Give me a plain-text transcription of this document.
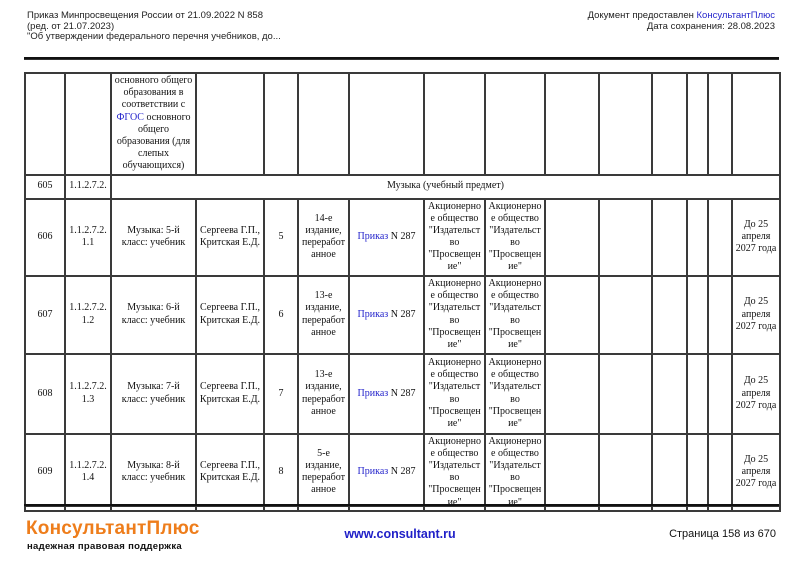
Приказ Минпросвещения России от 21.09.2022 N 858
(ред. от 21.07.2023)
"Об утверждении федерального перечня учебников, до...
Документ предоставлен КонсультантПлюс
Дата сохранения: 28.08.2023
		основного общего образования в соответствии с ФГОС основного общего образования (для слепых обучающихся)												
605	1.1.2.7.2.	Музыка (учебный предмет)												
606	1.1.2.7.2.1.1	Музыка: 5-й класс: учебник	Сергеева Г.П., Критская Е.Д.	5	14-е издание, переработанное	Приказ N 287	Акционерное общество "Издательство "Просвещение"	Акционерное общество "Издательство "Просвещение"						До 25 апреля 2027 года
607	1.1.2.7.2.1.2	Музыка: 6-й класс: учебник	Сергеева Г.П., Критская Е.Д.	6	13-е издание, переработанное	Приказ N 287	Акционерное общество "Издательство "Просвещение"	Акционерное общество "Издательство "Просвещение"						До 25 апреля 2027 года
608	1.1.2.7.2.1.3	Музыка: 7-й класс: учебник	Сергеева Г.П., Критская Е.Д.	7	13-е издание, переработанное	Приказ N 287	Акционерное общество "Издательство "Просвещение"	Акционерное общество "Издательство "Просвещение"						До 25 апреля 2027 года
609	1.1.2.7.2.1.4	Музыка: 8-й класс: учебник	Сергеева Г.П., Критская Е.Д.	8	5-е издание, переработанное	Приказ N 287	Акционерное общество "Издательство "Просвещение"	Акционерное общество "Издательство "Просвещение"						До 25 апреля 2027 года
КонсультантПлюс
надежная правовая поддержка
www.consultant.ru	Страница 158 из 670
